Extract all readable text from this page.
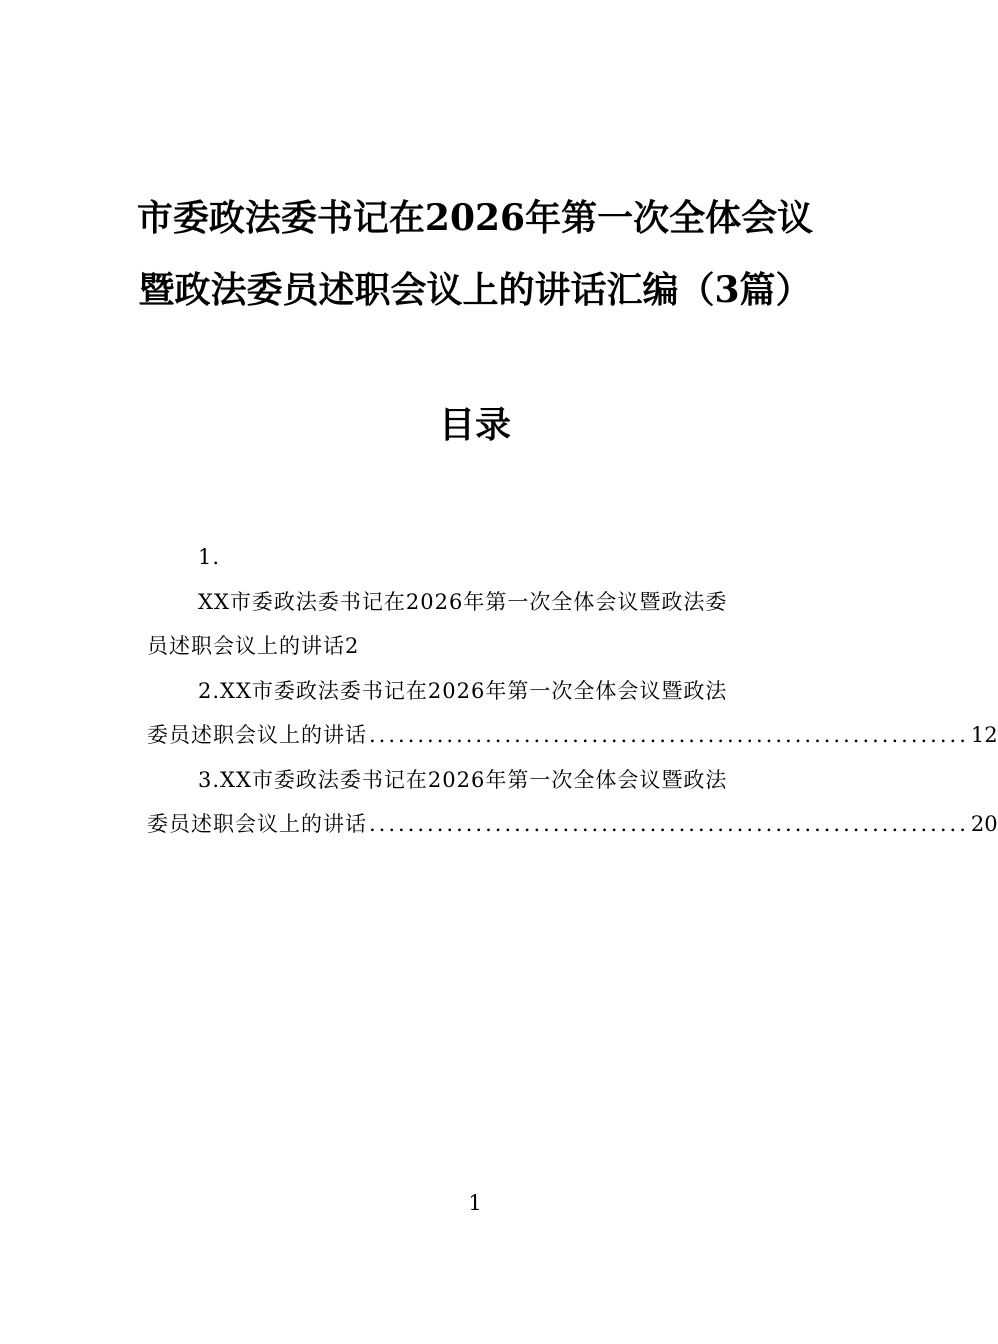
市委政法委书记在2026年第一次全体会议
暨政法委员述职会议上的讲话汇编（3篇）
目录
1.
XX市委政法委书记在2026年第一次全体会议暨政法委
员述职会议上的讲话2
2.XX市委政法委书记在2026年第一次全体会议暨政法
委员述职会议上的讲话 .............................................................. 12
3.XX市委政法委书记在2026年第一次全体会议暨政法
委员述职会议上的讲话 .............................................................. 20
1
